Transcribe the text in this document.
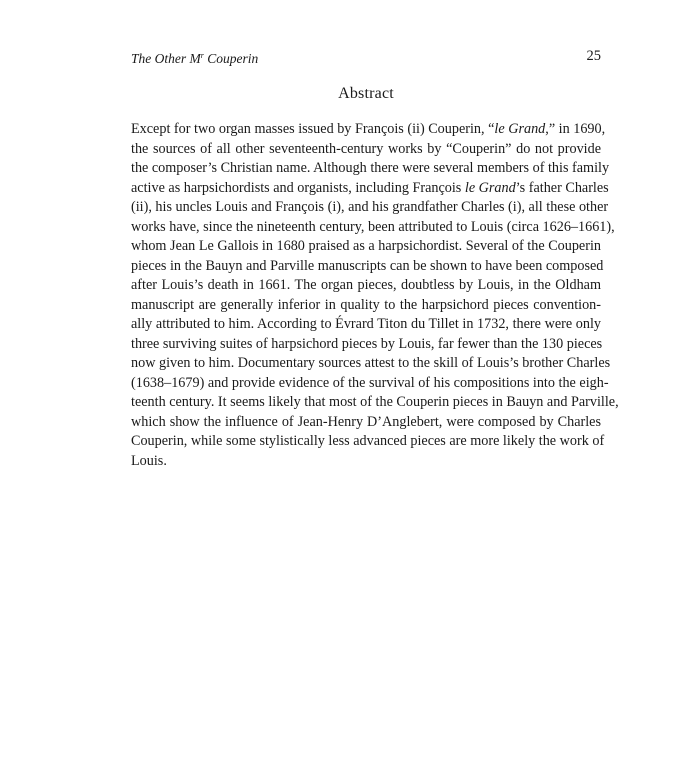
The Other $M^r$ Couperin	25
Abstract
Except for two organ masses issued by François (ii) Couperin, “le Grand,” in 1690,
the sources of all other seventeenth-century works by “Couperin” do not provide
the composer’s Christian name. Although there were several members of this family
active as harpsichordists and organists, including François le Grand’s father Charles
(ii), his uncles Louis and François (i), and his grandfather Charles (i), all these other
works have, since the nineteenth century, been attributed to Louis (circa 1626–1661),
whom Jean Le Gallois in 1680 praised as a harpsichordist. Several of the Couperin
pieces in the Bauyn and Parville manuscripts can be shown to have been composed
after Louis’s death in 1661. The organ pieces, doubtless by Louis, in the Oldham
manuscript are generally inferior in quality to the harpsichord pieces convention-
ally attributed to him. According to Évrard Titon du Tillet in 1732, there were only
three surviving suites of harpsichord pieces by Louis, far fewer than the 130 pieces
now given to him. Documentary sources attest to the skill of Louis’s brother Charles
(1638–1679) and provide evidence of the survival of his compositions into the eigh-
teenth century. It seems likely that most of the Couperin pieces in Bauyn and Parville,
which show the influence of Jean-Henry D’Anglebert, were composed by Charles
Couperin, while some stylistically less advanced pieces are more likely the work of
Louis.
